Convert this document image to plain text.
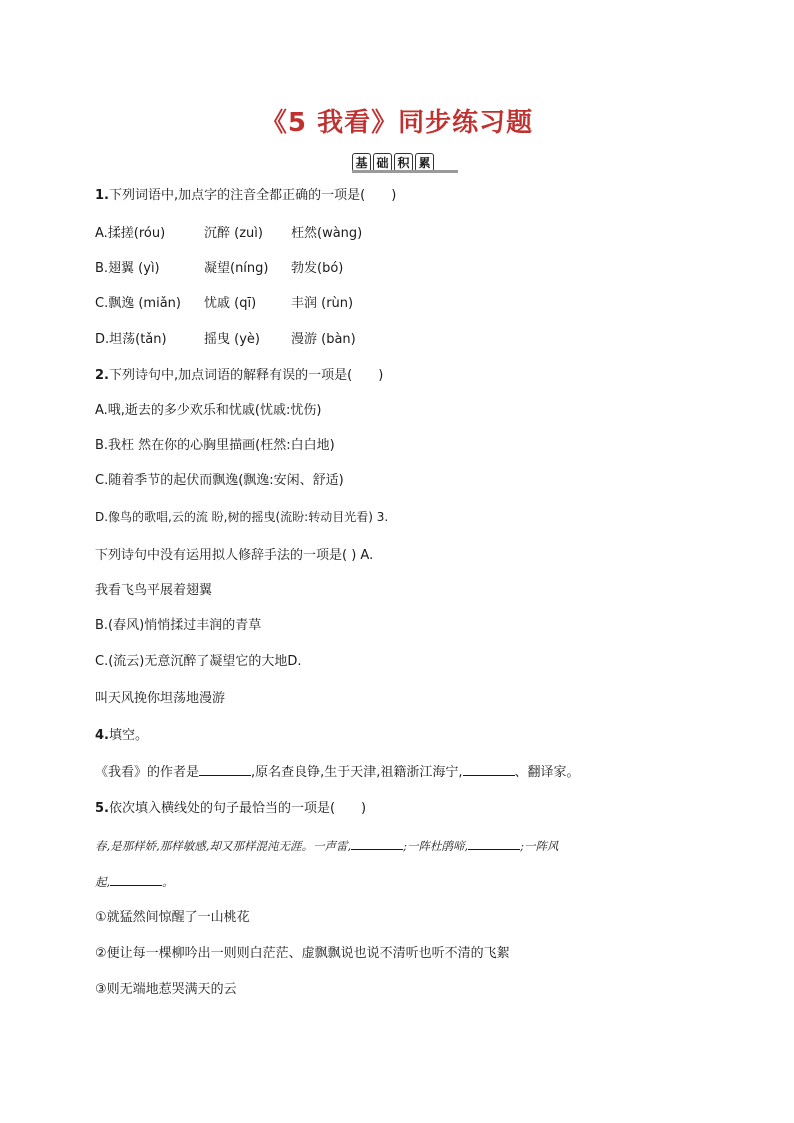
《5 我看》同步练习题
基 础 积 累
1.下列词语中,加点字的注音全都正确的一项是(　　)
A.揉搓(róu)	沉醉 (zuì) 枉然(wàng)
B.翅翼 (yì)	凝望(níng) 勃发(bó)
C.飘逸 (miǎn) 忧戚 (qī)	丰润 (rùn)
D.坦荡(tǎn)	摇曳 (yè) 漫游 (bàn)
2.下列诗句中,加点词语的解释有误的一项是(　　)
A.哦,逝去的多少欢乐和忧戚(忧戚:忧伤)
B.我枉 然在你的心胸里描画(枉然:白白地)
C.随着季节的起伏而飘逸(飘逸:安闲、舒适)
D.像鸟的歌唱,云的流 盼,树的摇曳(流盼:转动目光看) 3.
下列诗句中没有运用拟人修辞手法的一项是( ) A.
我看飞鸟平展着翅翼
B.(春风)悄悄揉过丰润的青草
C.(流云)无意沉醉了凝望它的大地D.
叫天风挽你坦荡地漫游
4.填空。
《我看》的作者是	,原名查良铮,生于天津,祖籍浙江海宁,	、翻译家。
5.依次填入横线处的句子最恰当的一项是(　　)
春,是那样娇,那样敏感,却又那样混沌无涯。一声雷,	;一阵杜鹃啼,	;一阵风
起,	。
①就猛然间惊醒了一山桃花
②便让每一棵柳吟出一则则白茫茫、虚飘飘说也说不清听也听不清的飞絮
③则无端地惹哭满天的云
